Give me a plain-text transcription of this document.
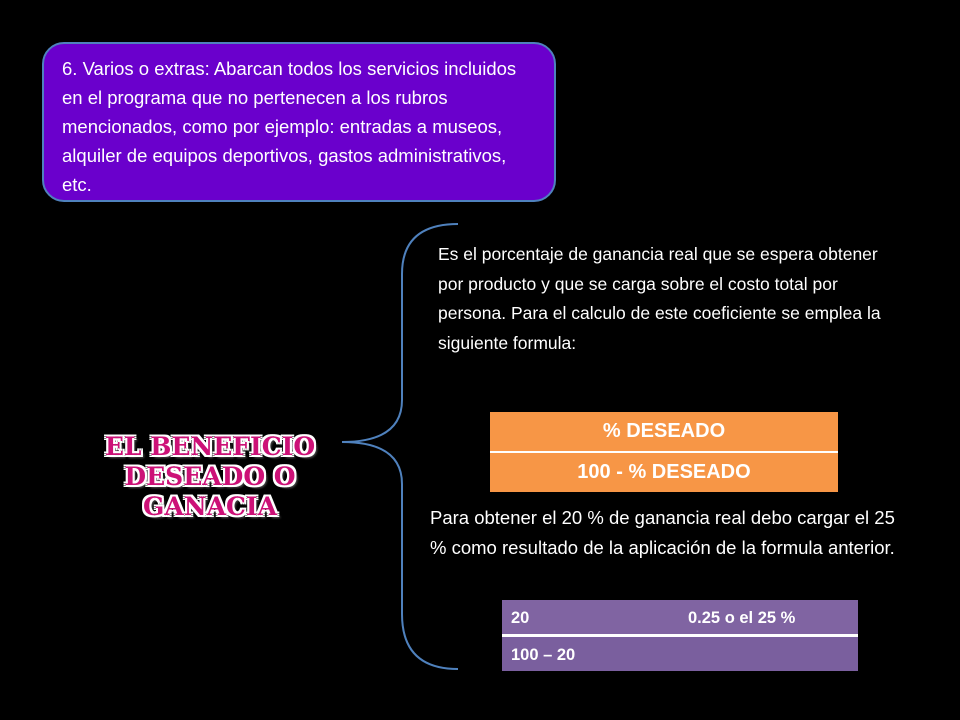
6. Varios o extras: Abarcan todos los servicios incluidos en el programa que no pertenecen a los rubros mencionados, como por ejemplo: entradas a museos, alquiler de equipos deportivos, gastos administrativos, etc.

EL BENEFICIO
DESEADO O
GANACIA

Es el porcentaje de ganancia real que se espera obtener por producto y que se carga sobre el costo total por persona. Para el calculo de este coeficiente se emplea la siguiente formula:

% DESEADO
100 - % DESEADO

Para obtener el 20 % de ganancia real debo cargar el 25 % como resultado de la aplicación de la formula anterior.

20	0.25 o el 25 %
100 – 20
